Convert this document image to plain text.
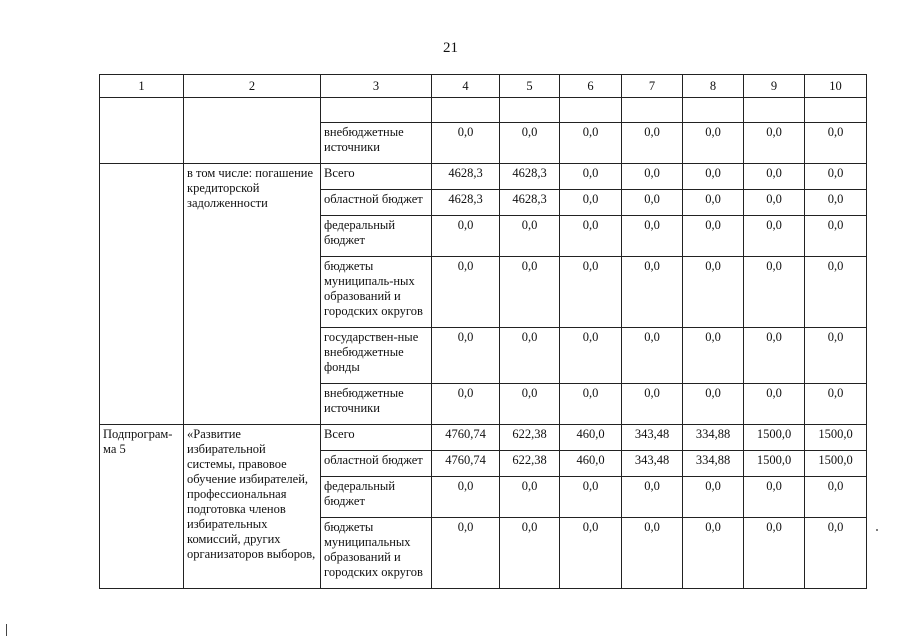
21
1	2	3	4	5	6	7	8	9	10

		внебюджетные источники	0,0	0,0	0,0	0,0	0,0	0,0	0,0
	в том числе: погашение кредиторской задолженности	Всего	4628,3	4628,3	0,0	0,0	0,0	0,0	0,0
		областной бюджет	4628,3	4628,3	0,0	0,0	0,0	0,0	0,0
		федеральный бюджет	0,0	0,0	0,0	0,0	0,0	0,0	0,0
		бюджеты муниципаль-ных образований и городских округов	0,0	0,0	0,0	0,0	0,0	0,0	0,0
		государствен-ные внебюджетные фонды	0,0	0,0	0,0	0,0	0,0	0,0	0,0
		внебюджетные источники	0,0	0,0	0,0	0,0	0,0	0,0	0,0
Подпрограм-ма 5	«Развитие избирательной системы, правовое обучение избирателей, профессиональная подготовка членов избирательных комиссий, других организаторов выборов,	Всего	4760,74	622,38	460,0	343,48	334,88	1500,0	1500,0
		областной бюджет	4760,74	622,38	460,0	343,48	334,88	1500,0	1500,0
		федеральный бюджет	0,0	0,0	0,0	0,0	0,0	0,0	0,0
		бюджеты муниципальных образований и городских округов	0,0	0,0	0,0	0,0	0,0	0,0	0,0
